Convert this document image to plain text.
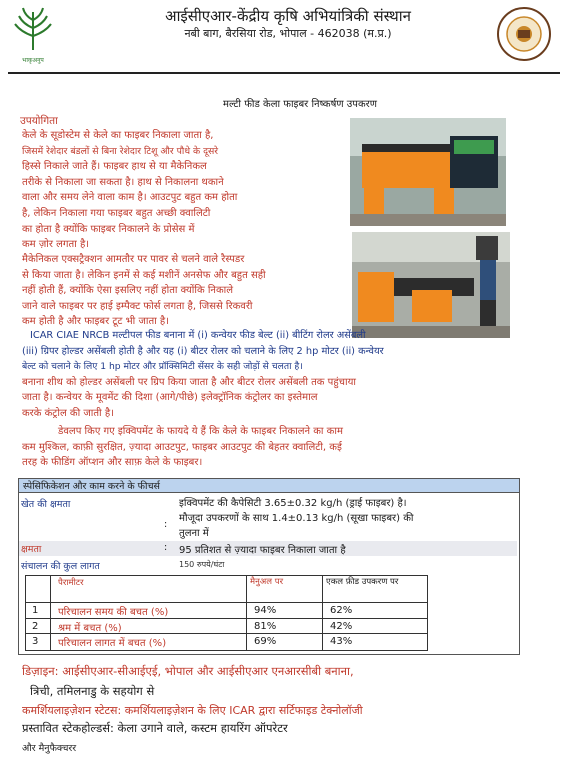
भाकृअनुप
आईसीएआर-केंद्रीय कृषि अभियांत्रिकी संस्थान
नबी बाग, बैरसिया रोड, भोपाल - 462038 (म.प्र.)
मल्टी फीड केला फाइबर निष्कर्षण उपकरण
उपयोगिता
केले के सूडोस्टेम से केले का फाइबर निकाला जाता है,
जिसमें रेशेदार बंडलों से बिना रेशेदार टिशू और पौधे के दूसरे
हिस्से निकाले जाते हैं। फाइबर हाथ से या मैकेनिकल
तरीके से निकाला जा सकता है। हाथ से निकालना थकाने
वाला और समय लेने वाला काम है। आउटपुट बहुत कम होता
है, लेकिन निकाला गया फाइबर बहुत अच्छी क्वालिटी
का होता है क्योंकि फाइबर निकालने के प्रोसेस में
कम ज़ोर लगता है।
मैकेनिकल एक्सट्रैक्शन आमतौर पर पावर से चलने वाले रैस्पडर
से किया जाता है। लेकिन इनमें से कई मशीनें अनसेफ और बहुत सही
नहीं होती हैं, क्योंकि ऐसा इसलिए नहीं होता क्योंकि निकाले
जाने वाले फाइबर पर हाई इम्पैक्ट फोर्स लगता है, जिससे रिकवरी
कम होती है और फाइबर टूट भी जाता है।
ICAR CIAE NRCB मल्टीपल फीड बनाना में (i) कन्वेयर फीड बेल्ट (ii) बीटिंग रोलर असेंबली
(iii) ग्रिपर होल्डर असेंबली होती है और यह (i) बीटर रोलर को चलाने के लिए 2 hp मोटर (ii) कन्वेयर
बेल्ट को चलाने के लिए 1 hp मोटर और प्रॉक्सिमिटी सेंसर के सही जोड़ों से चलता है।
बनाना शीथ को होल्डर असेंबली पर ग्रिप किया जाता है और बीटर रोलर असेंबली तक पहुंचाया
जाता है। कन्वेयर के मूवमेंट की दिशा (आगे/पीछे) इलेक्ट्रॉनिक कंट्रोलर का इस्तेमाल
करके कंट्रोल की जाती है।
डेवलप किए गए इक्विपमेंट के फायदे ये हैं कि केले के फाइबर निकालने का काम
कम मुश्किल, काफ़ी सुरक्षित, ज़्यादा आउटपुट, फाइबर आउटपुट की बेहतर क्वालिटी, कई
तरह के फीडिंग ऑप्शन और साफ़ केले के फाइबर।
स्पेसिफिकेशन और काम करने के फीचर्स
खेत की क्षमता
:
इक्विपमेंट की कैपेसिटी 3.65±0.32 kg/h (ड्राई फाइबर) है।
मौजूदा उपकरणों के साथ 1.4±0.13 kg/h (सूखा फाइबर) की
तुलना में
क्षमता	: 95 प्रतिशत से ज़्यादा फाइबर निकाला जाता है
संचालन की कुल लागत	150 रुपये/घंटा
पैरामीटर	मैनुअल पर	एकल फ़ीड उपकरण पर
1 परिचालन समय की बचत (%)	94%	62%
2 श्रम में बचत (%)	81%	42%
3 परिचालन लागत में बचत (%)	69%	43%
डिज़ाइन: आईसीएआर-सीआईएई, भोपाल और आईसीएआर एनआरसीबी बनाना,
त्रिची, तमिलनाडु के सहयोग से
कमर्शियलाइज़ेशन स्टेटस: कमर्शियलाइज़ेशन के लिए ICAR द्वारा सर्टिफाइड टेक्नोलॉजी
प्रस्तावित स्टेकहोल्डर्स: केला उगाने वाले, कस्टम हायरिंग ऑपरेटर
और मैनुफैक्चरर
